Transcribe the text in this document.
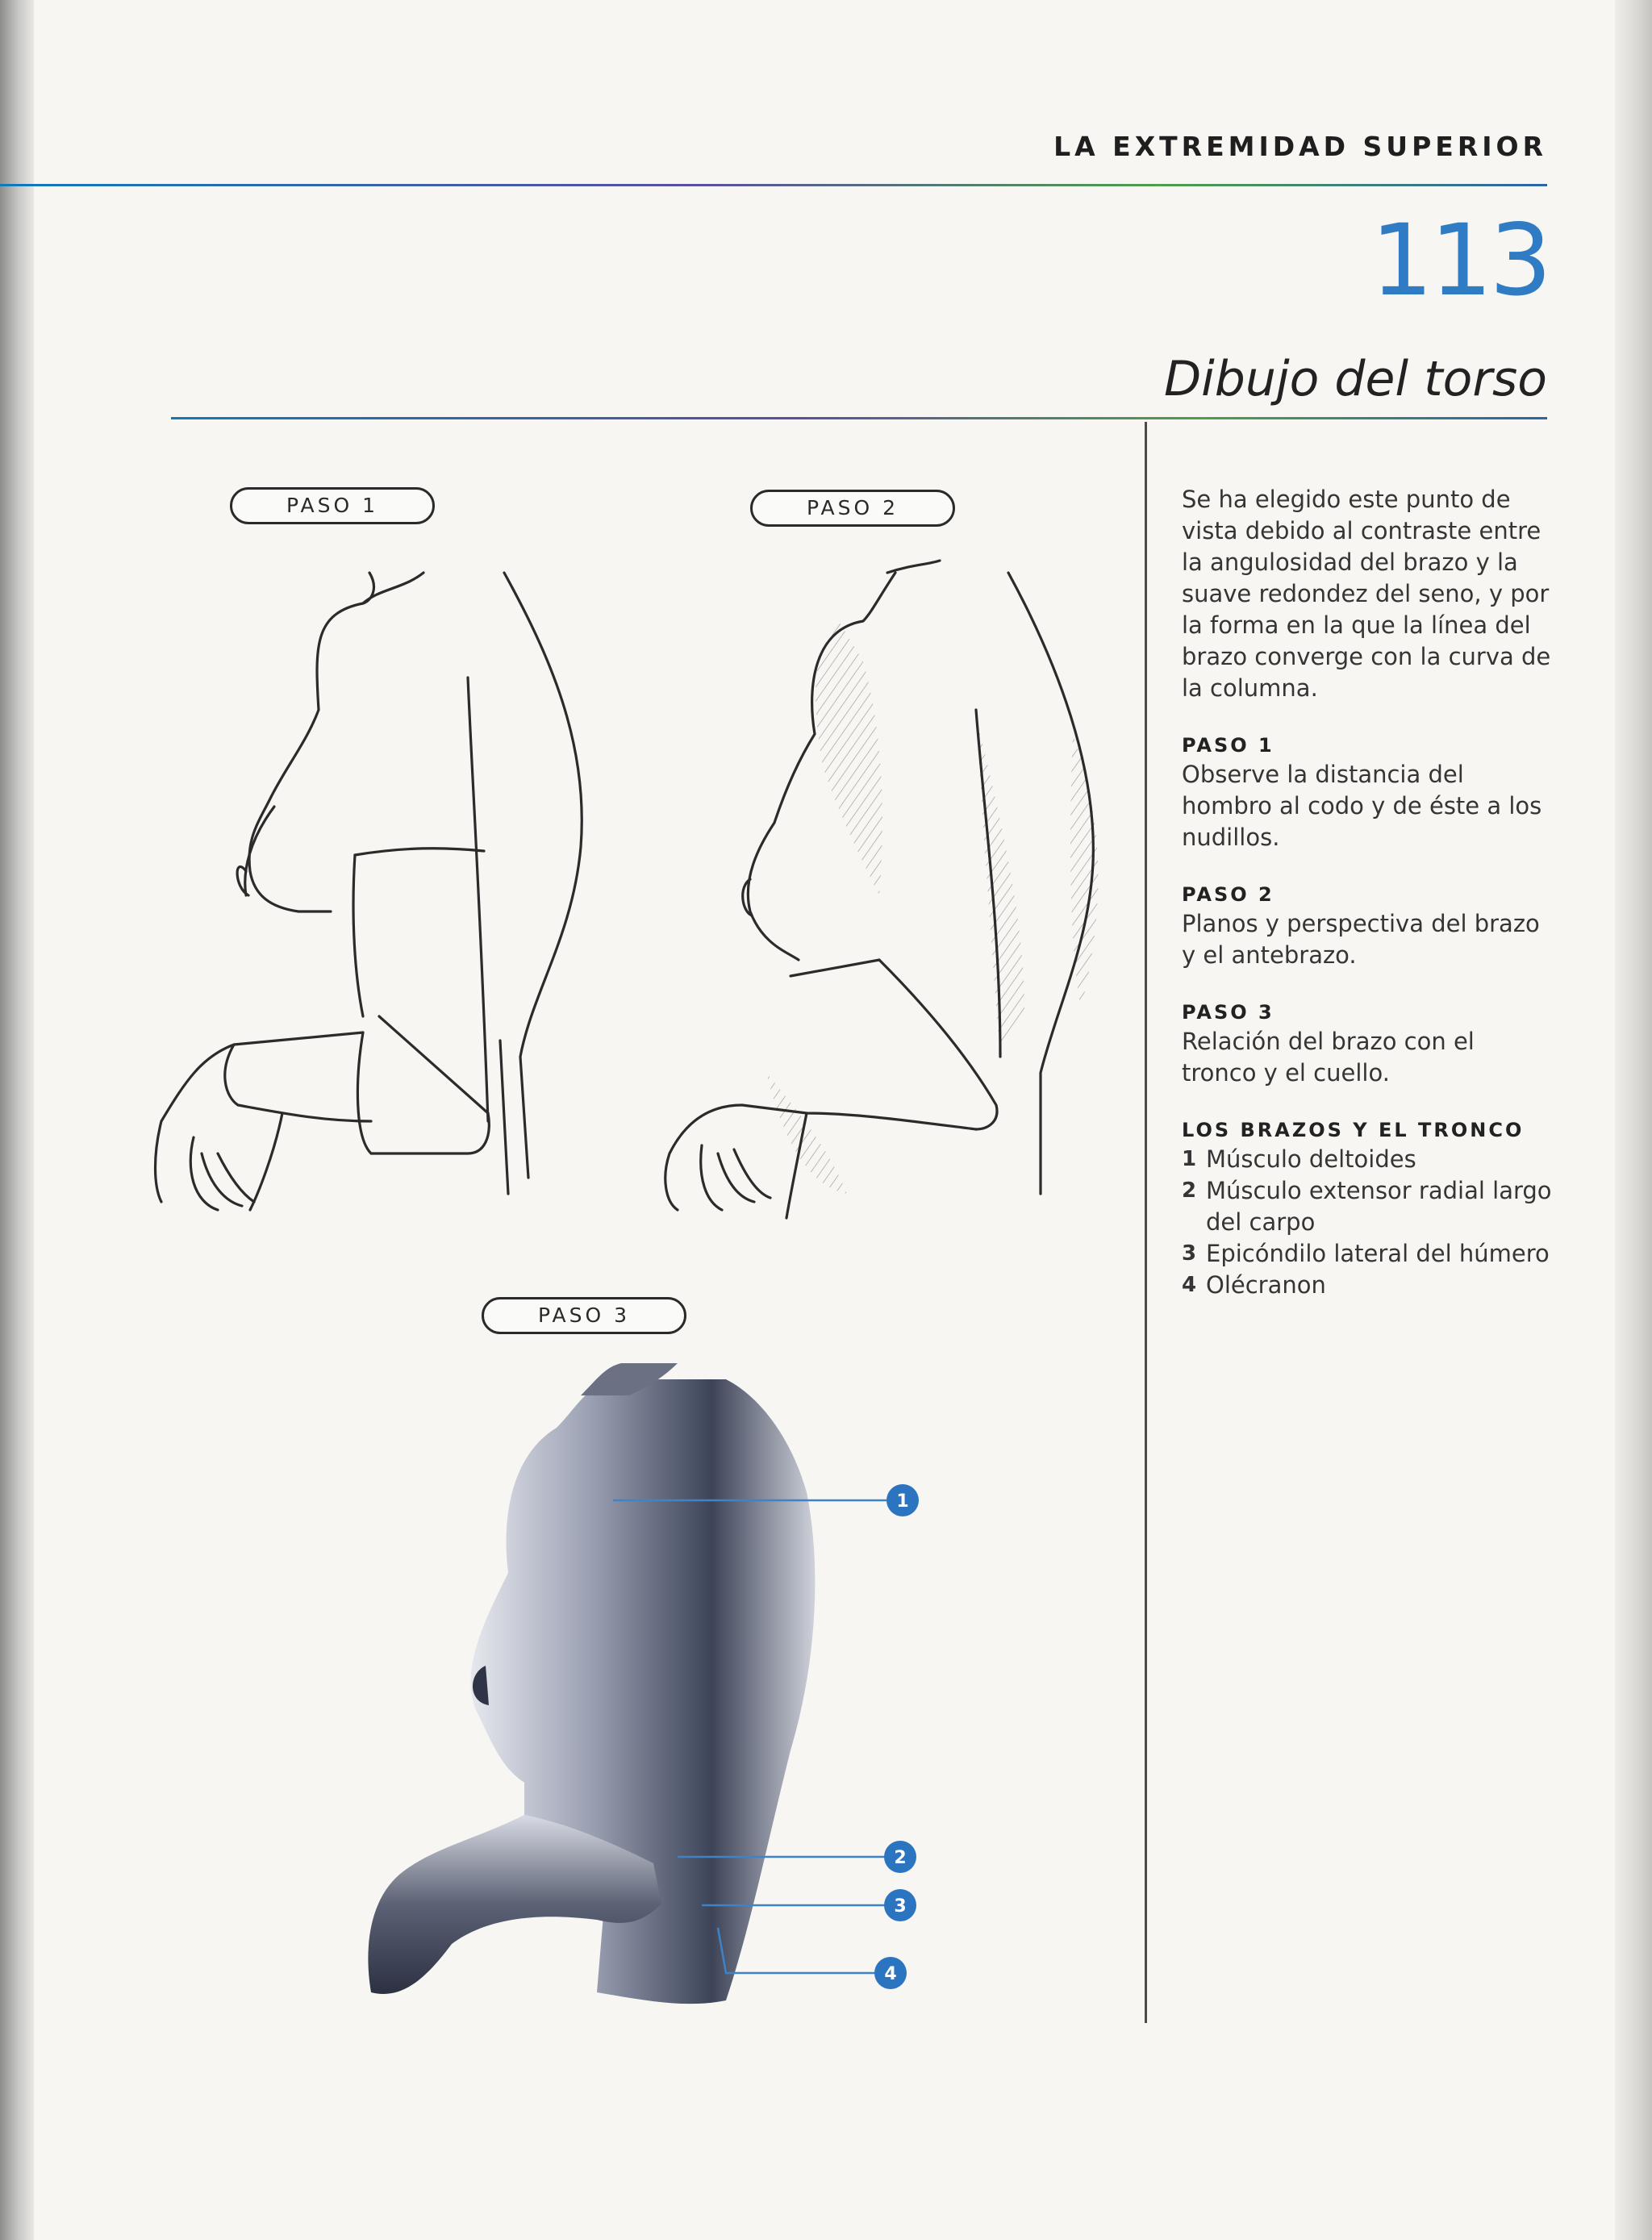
LA EXTREMIDAD SUPERIOR
113
Dibujo del torso
PASO 1	PASO 2
PASO 3
1
2
3
4

Se ha elegido este punto de vista debido al contraste entre la angulosidad del brazo y la suave redondez del seno, y por la forma en la que la línea del brazo converge con la curva de la columna.

PASO 1

Observe la distancia del hombro al codo y de éste a los nudillos.

PASO 2

Planos y perspectiva del brazo y el antebrazo.

PASO 3

Relación del brazo con el tronco y el cuello.

LOS BRAZOS Y EL TRONCO
1 Músculo deltoides
2 Músculo extensor radial largo del carpo
3 Epicóndilo lateral del húmero
4 Olécranon
